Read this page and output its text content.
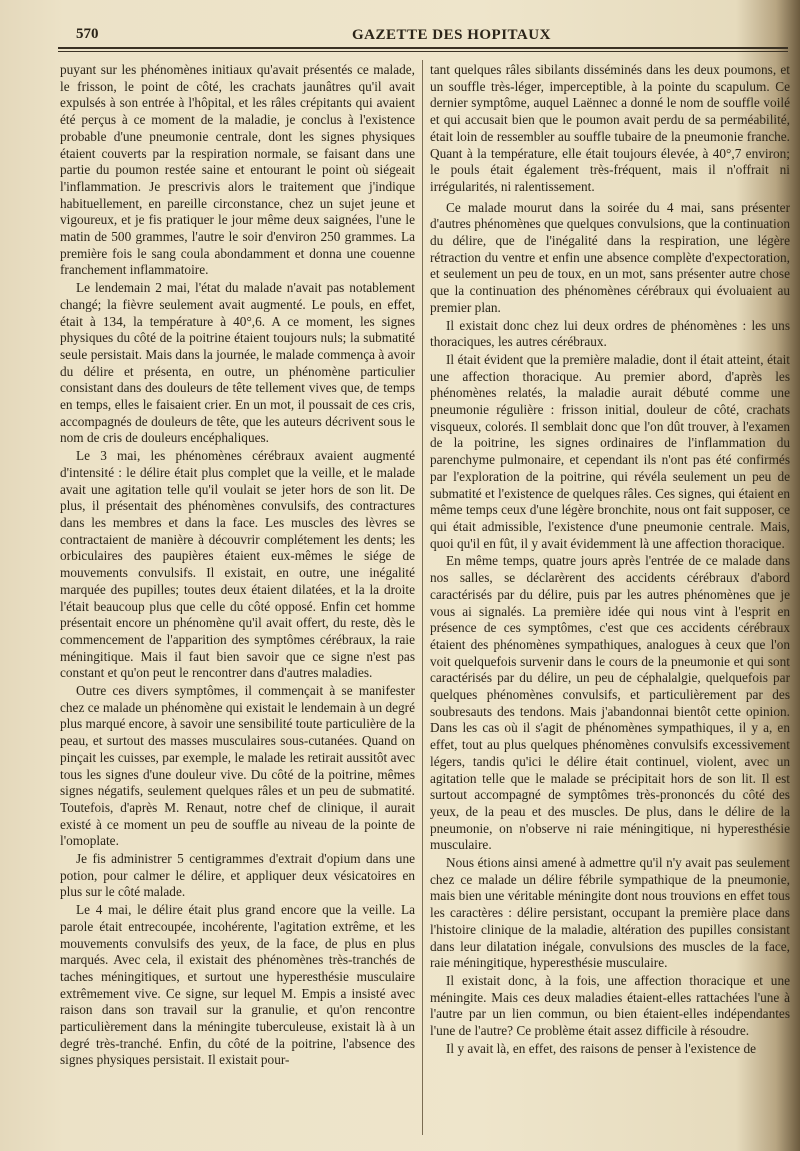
570	GAZETTE DES HOPITAUX

puyant sur les phénomènes initiaux qu'avait présentés ce malade, le frisson, le point de côté, les crachats jaunâtres qu'il avait expulsés à son entrée à l'hôpital, et les râles crépitants qui avaient été perçus à ce moment de la maladie, je conclus à l'existence probable d'une pneumonie centrale, dont les signes physiques étaient couverts par la respiration normale, se faisant dans une partie du poumon restée saine et entourant le point où siégeait l'inflammation. Je prescrivis alors le traitement que j'indique habituellement, en pareille circonstance, chez un sujet jeune et vigoureux, et je fis pratiquer le jour même deux saignées, l'une le matin de 500 grammes, l'autre le soir d'environ 250 grammes. La première fois le sang coula abondamment et donna une couenne franchement inflammatoire.

Le lendemain 2 mai, l'état du malade n'avait pas notablement changé; la fièvre seulement avait augmenté. Le pouls, en effet, était à 134, la température à 40°,6. A ce moment, les signes physiques du côté de la poitrine étaient toujours nuls; la submatité seule persistait. Mais dans la journée, le malade commença à avoir du délire et présenta, en outre, un phénomène particulier consistant dans des douleurs de tête tellement vives que, de temps en temps, elles le faisaient crier. En un mot, il poussait de ces cris, accompagnés de douleurs de tête, que les auteurs décrivent sous le nom de cris de douleurs encéphaliques.

Le 3 mai, les phénomènes cérébraux avaient augmenté d'intensité : le délire était plus complet que la veille, et le malade avait une agitation telle qu'il voulait se jeter hors de son lit. De plus, il présentait des phénomènes convulsifs, des contractures dans les membres et dans la face. Les muscles des lèvres se contractaient de manière à découvrir complétement les dents; les orbiculaires des paupières étaient eux-mêmes le siége de mouvements convulsifs. Il existait, en outre, une inégalité marquée des pupilles; toutes deux étaient dilatées, et la la droite l'était beaucoup plus que celle du côté opposé. Enfin cet homme présentait encore un phénomène qu'il avait offert, du reste, dès le commencement de l'apparition des symptômes cérébraux, la raie méningitique. Mais il faut bien savoir que ce signe n'est pas constant et qu'on peut le rencontrer dans d'autres maladies.

Outre ces divers symptômes, il commençait à se manifester chez ce malade un phénomène qui existait le lendemain à un degré plus marqué encore, à savoir une sensibilité toute particulière de la peau, et surtout des masses musculaires sous-cutanées. Quand on pinçait les cuisses, par exemple, le malade les retirait aussitôt avec tous les signes d'une douleur vive. Du côté de la poitrine, mêmes signes négatifs, seulement quelques râles et un peu de submatité. Toutefois, d'après M. Renaut, notre chef de clinique, il aurait existé à ce moment un peu de souffle au niveau de la pointe de l'omoplate.

Je fis administrer 5 centigrammes d'extrait d'opium dans une potion, pour calmer le délire, et appliquer deux vésicatoires en plus sur le côté malade.

Le 4 mai, le délire était plus grand encore que la veille. La parole était entrecoupée, incohérente, l'agitation extrême, et les mouvements convulsifs des yeux, de la face, de plus en plus marqués. Avec cela, il existait des phénomènes très-tranchés de taches méningitiques, et surtout une hyperesthésie musculaire extrêmement vive. Ce signe, sur lequel M. Empis a insisté avec raison dans son travail sur la granulie, et qu'on rencontre particulièrement dans la méningite tuberculeuse, existait là à un degré très-tranché. Enfin, du côté de la poitrine, l'absence des signes physiques persistait. Il existait pour-

tant quelques râles sibilants disséminés dans les deux poumons, et un souffle très-léger, imperceptible, à la pointe du scapulum. Ce dernier symptôme, auquel Laënnec a donné le nom de souffle voilé et qui accusait bien que le poumon avait perdu de sa perméabilité, était loin de ressembler au souffle tubaire de la pneumonie franche. Quant à la température, elle était toujours élevée, à 40°,7 environ; le pouls était également très-fréquent, mais il n'offrait ni irrégularités, ni ralentissement.

Ce malade mourut dans la soirée du 4 mai, sans présenter d'autres phénomènes que quelques convulsions, que la continuation du délire, que de l'inégalité dans la respiration, une légère rétraction du ventre et enfin une absence complète d'expectoration, et seulement un peu de toux, en un mot, sans présenter autre chose que la continuation des phénomènes cérébraux qui évoluaient au premier plan.

Il existait donc chez lui deux ordres de phénomènes : les uns thoraciques, les autres cérébraux.

Il était évident que la première maladie, dont il était atteint, était une affection thoracique. Au premier abord, d'après les phénomènes relatés, la maladie aurait débuté comme une pneumonie régulière : frisson initial, douleur de côté, crachats visqueux, colorés. Il semblait donc que l'on dût trouver, à l'examen de la poitrine, les signes ordinaires de l'inflammation du parenchyme pulmonaire, et cependant ils n'ont pas été confirmés par l'exploration de la poitrine, qui révéla seulement un peu de submatité et l'existence de quelques râles. Ces signes, qui étaient en même temps ceux d'une légère bronchite, nous ont fait supposer, ce qui était admissible, l'existence d'une pneumonie centrale. Mais, quoi qu'il en fût, il y avait évidemment là une affection thoracique.

En même temps, quatre jours après l'entrée de ce malade dans nos salles, se déclarèrent des accidents cérébraux d'abord caractérisés par du délire, puis par les autres phénomènes que je vous ai signalés. La première idée qui nous vint à l'esprit en présence de ces symptômes, c'est que ces accidents cérébraux étaient des phénomènes sympathiques, analogues à ceux que l'on voit quelquefois survenir dans le cours de la pneumonie et qui sont caractérisés par du délire, un peu de céphalalgie, quelquefois par quelques phénomènes convulsifs, et particulièrement par des soubresauts des tendons. Mais j'abandonnai bientôt cette opinion. Dans les cas où il s'agit de phénomènes sympathiques, il y a, en effet, tout au plus quelques phénomènes convulsifs excessivement légers, tandis qu'ici le délire était continuel, violent, avec un agitation telle que le malade se précipitait hors de son lit. Il est surtout accompagné de symptômes très-prononcés du côté des yeux, de la peau et des muscles. De plus, dans le délire de la pneumonie, on n'observe ni raie méningitique, ni hyperesthésie musculaire.

Nous étions ainsi amené à admettre qu'il n'y avait pas seulement chez ce malade un délire fébrile sympathique de la pneumonie, mais bien une véritable méningite dont nous trouvions en effet tous les caractères : délire persistant, occupant la première place dans l'histoire clinique de la maladie, altération des pupilles consistant dans leur dilatation inégale, convulsions des muscles de la face, raie méningitique, hyperesthésie musculaire.

Il existait donc, à la fois, une affection thoracique et une méningite. Mais ces deux maladies étaient-elles rattachées l'une à l'autre par un lien commun, ou bien étaient-elles indépendantes l'une de l'autre? Ce problème était assez difficile à résoudre.

Il y avait là, en effet, des raisons de penser à l'existence de
